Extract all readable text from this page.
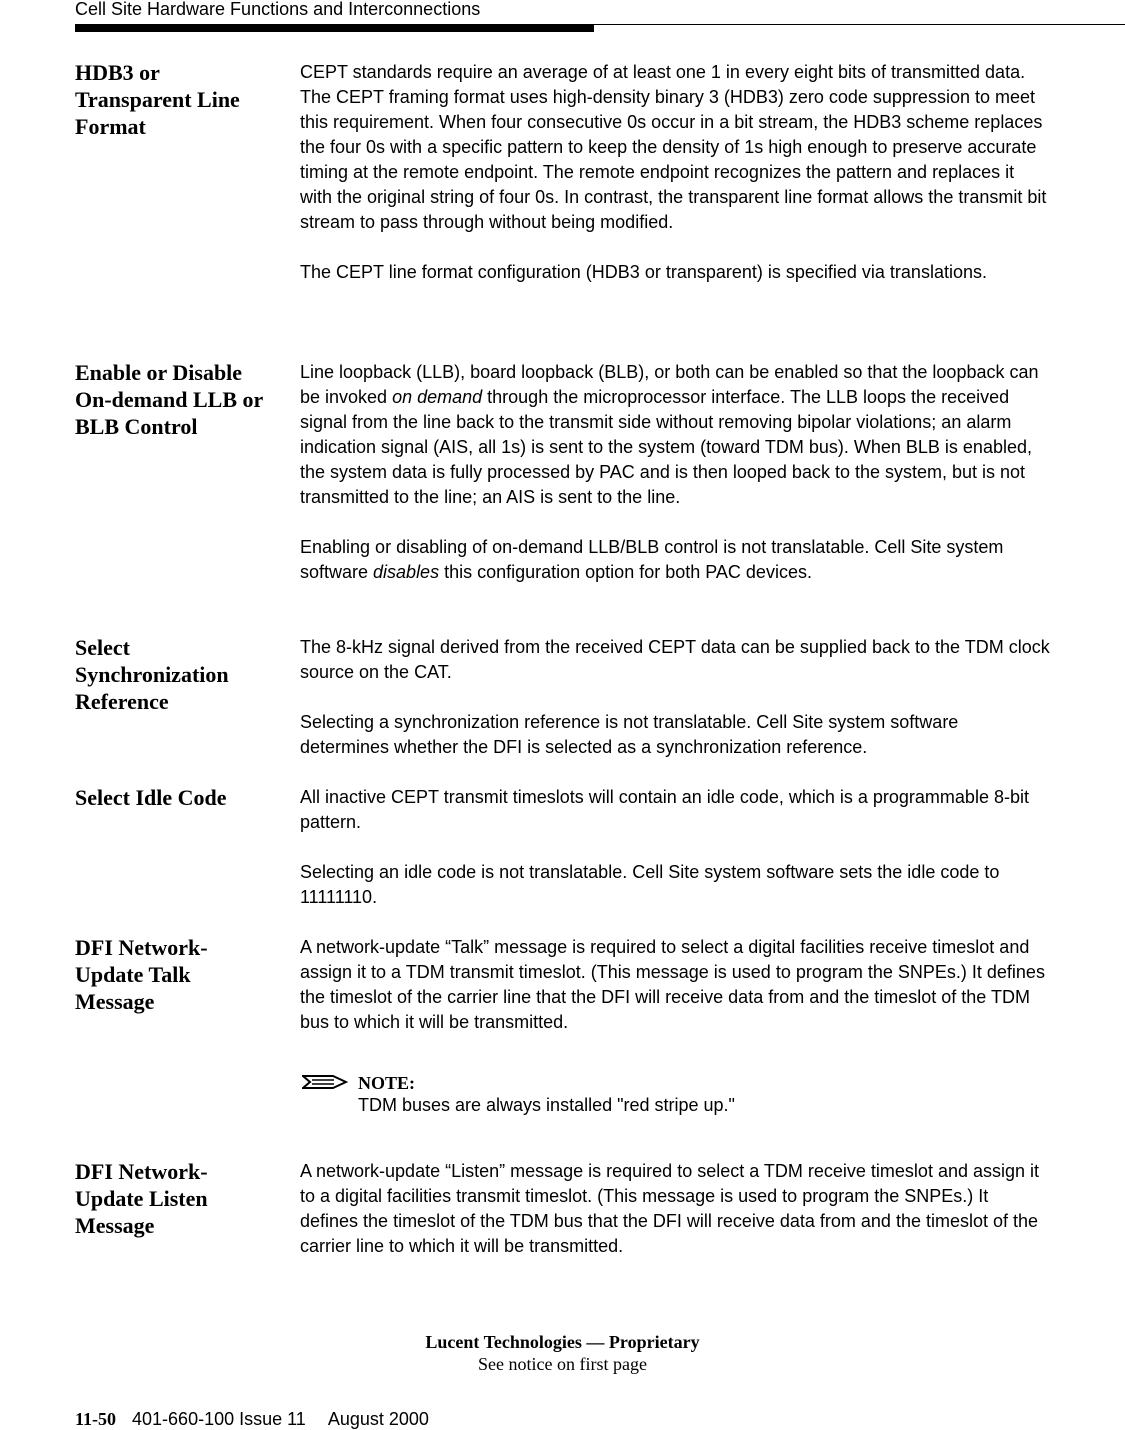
Cell Site Hardware Functions and Interconnections
HDB3 or Transparent Line Format

CEPT standards require an average of at least one 1 in every eight bits of transmitted data. The CEPT framing format uses high-density binary 3 (HDB3) zero code suppression to meet this requirement. When four consecutive 0s occur in a bit stream, the HDB3 scheme replaces the four 0s with a specific pattern to keep the density of 1s high enough to preserve accurate timing at the remote endpoint. The remote endpoint recognizes the pattern and replaces it with the original string of four 0s. In contrast, the transparent line format allows the transmit bit stream to pass through without being modified.

The CEPT line format configuration (HDB3 or transparent) is specified via translations.

Enable or Disable On-demand LLB or BLB Control

Line loopback (LLB), board loopback (BLB), or both can be enabled so that the loopback can be invoked on demand through the microprocessor interface. The LLB loops the received signal from the line back to the transmit side without removing bipolar violations; an alarm indication signal (AIS, all 1s) is sent to the system (toward TDM bus). When BLB is enabled, the system data is fully processed by PAC and is then looped back to the system, but is not transmitted to the line; an AIS is sent to the line.

Enabling or disabling of on-demand LLB/BLB control is not translatable. Cell Site system software disables this configuration option for both PAC devices.

Select Synchronization Reference

The 8-kHz signal derived from the received CEPT data can be supplied back to the TDM clock source on the CAT.

Selecting a synchronization reference is not translatable. Cell Site system software determines whether the DFI is selected as a synchronization reference.

Select Idle Code	All inactive CEPT transmit timeslots will contain an idle code, which is a programmable 8-bit pattern.

Selecting an idle code is not translatable. Cell Site system software sets the idle code to 11111110.

DFI Network-Update Talk Message

A network-update “Talk” message is required to select a digital facilities receive timeslot and assign it to a TDM transmit timeslot. (This message is used to program the SNPEs.) It defines the timeslot of the carrier line that the DFI will receive data from and the timeslot of the TDM bus to which it will be transmitted.

NOTE:
TDM buses are always installed "red stripe up."
DFI Network-Update Listen Message

A network-update “Listen” message is required to select a TDM receive timeslot and assign it to a digital facilities transmit timeslot. (This message is used to program the SNPEs.) It defines the timeslot of the TDM bus that the DFI will receive data from and the timeslot of the carrier line to which it will be transmitted.

Lucent Technologies — Proprietary
See notice on first page
11-50 401-660-100 Issue 11 August 2000
